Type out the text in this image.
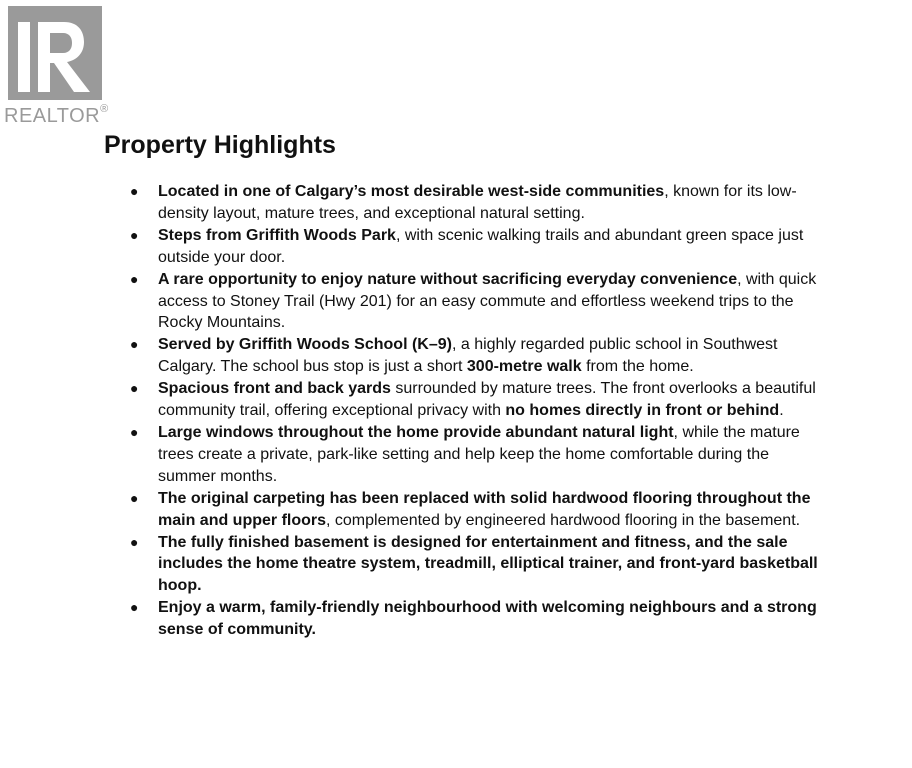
REALTOR®
Property Highlights
● Located in one of Calgary’s most desirable west-side communities, known for its low-density layout, mature trees, and exceptional natural setting.
● Steps from Griffith Woods Park, with scenic walking trails and abundant green space just outside your door.
● A rare opportunity to enjoy nature without sacrificing everyday convenience, with quick access to Stoney Trail (Hwy 201) for an easy commute and effortless weekend trips to the Rocky Mountains.
● Served by Griffith Woods School (K–9), a highly regarded public school in Southwest Calgary. The school bus stop is just a short 300-metre walk from the home.
● Spacious front and back yards surrounded by mature trees. The front overlooks a beautiful community trail, offering exceptional privacy with no homes directly in front or behind.
● Large windows throughout the home provide abundant natural light, while the mature trees create a private, park-like setting and help keep the home comfortable during the summer months.
● The original carpeting has been replaced with solid hardwood flooring throughout the main and upper floors, complemented by engineered hardwood flooring in the basement.
● The fully finished basement is designed for entertainment and fitness, and the sale includes the home theatre system, treadmill, elliptical trainer, and front-yard basketball hoop.
● Enjoy a warm, family-friendly neighbourhood with welcoming neighbours and a strong sense of community.
